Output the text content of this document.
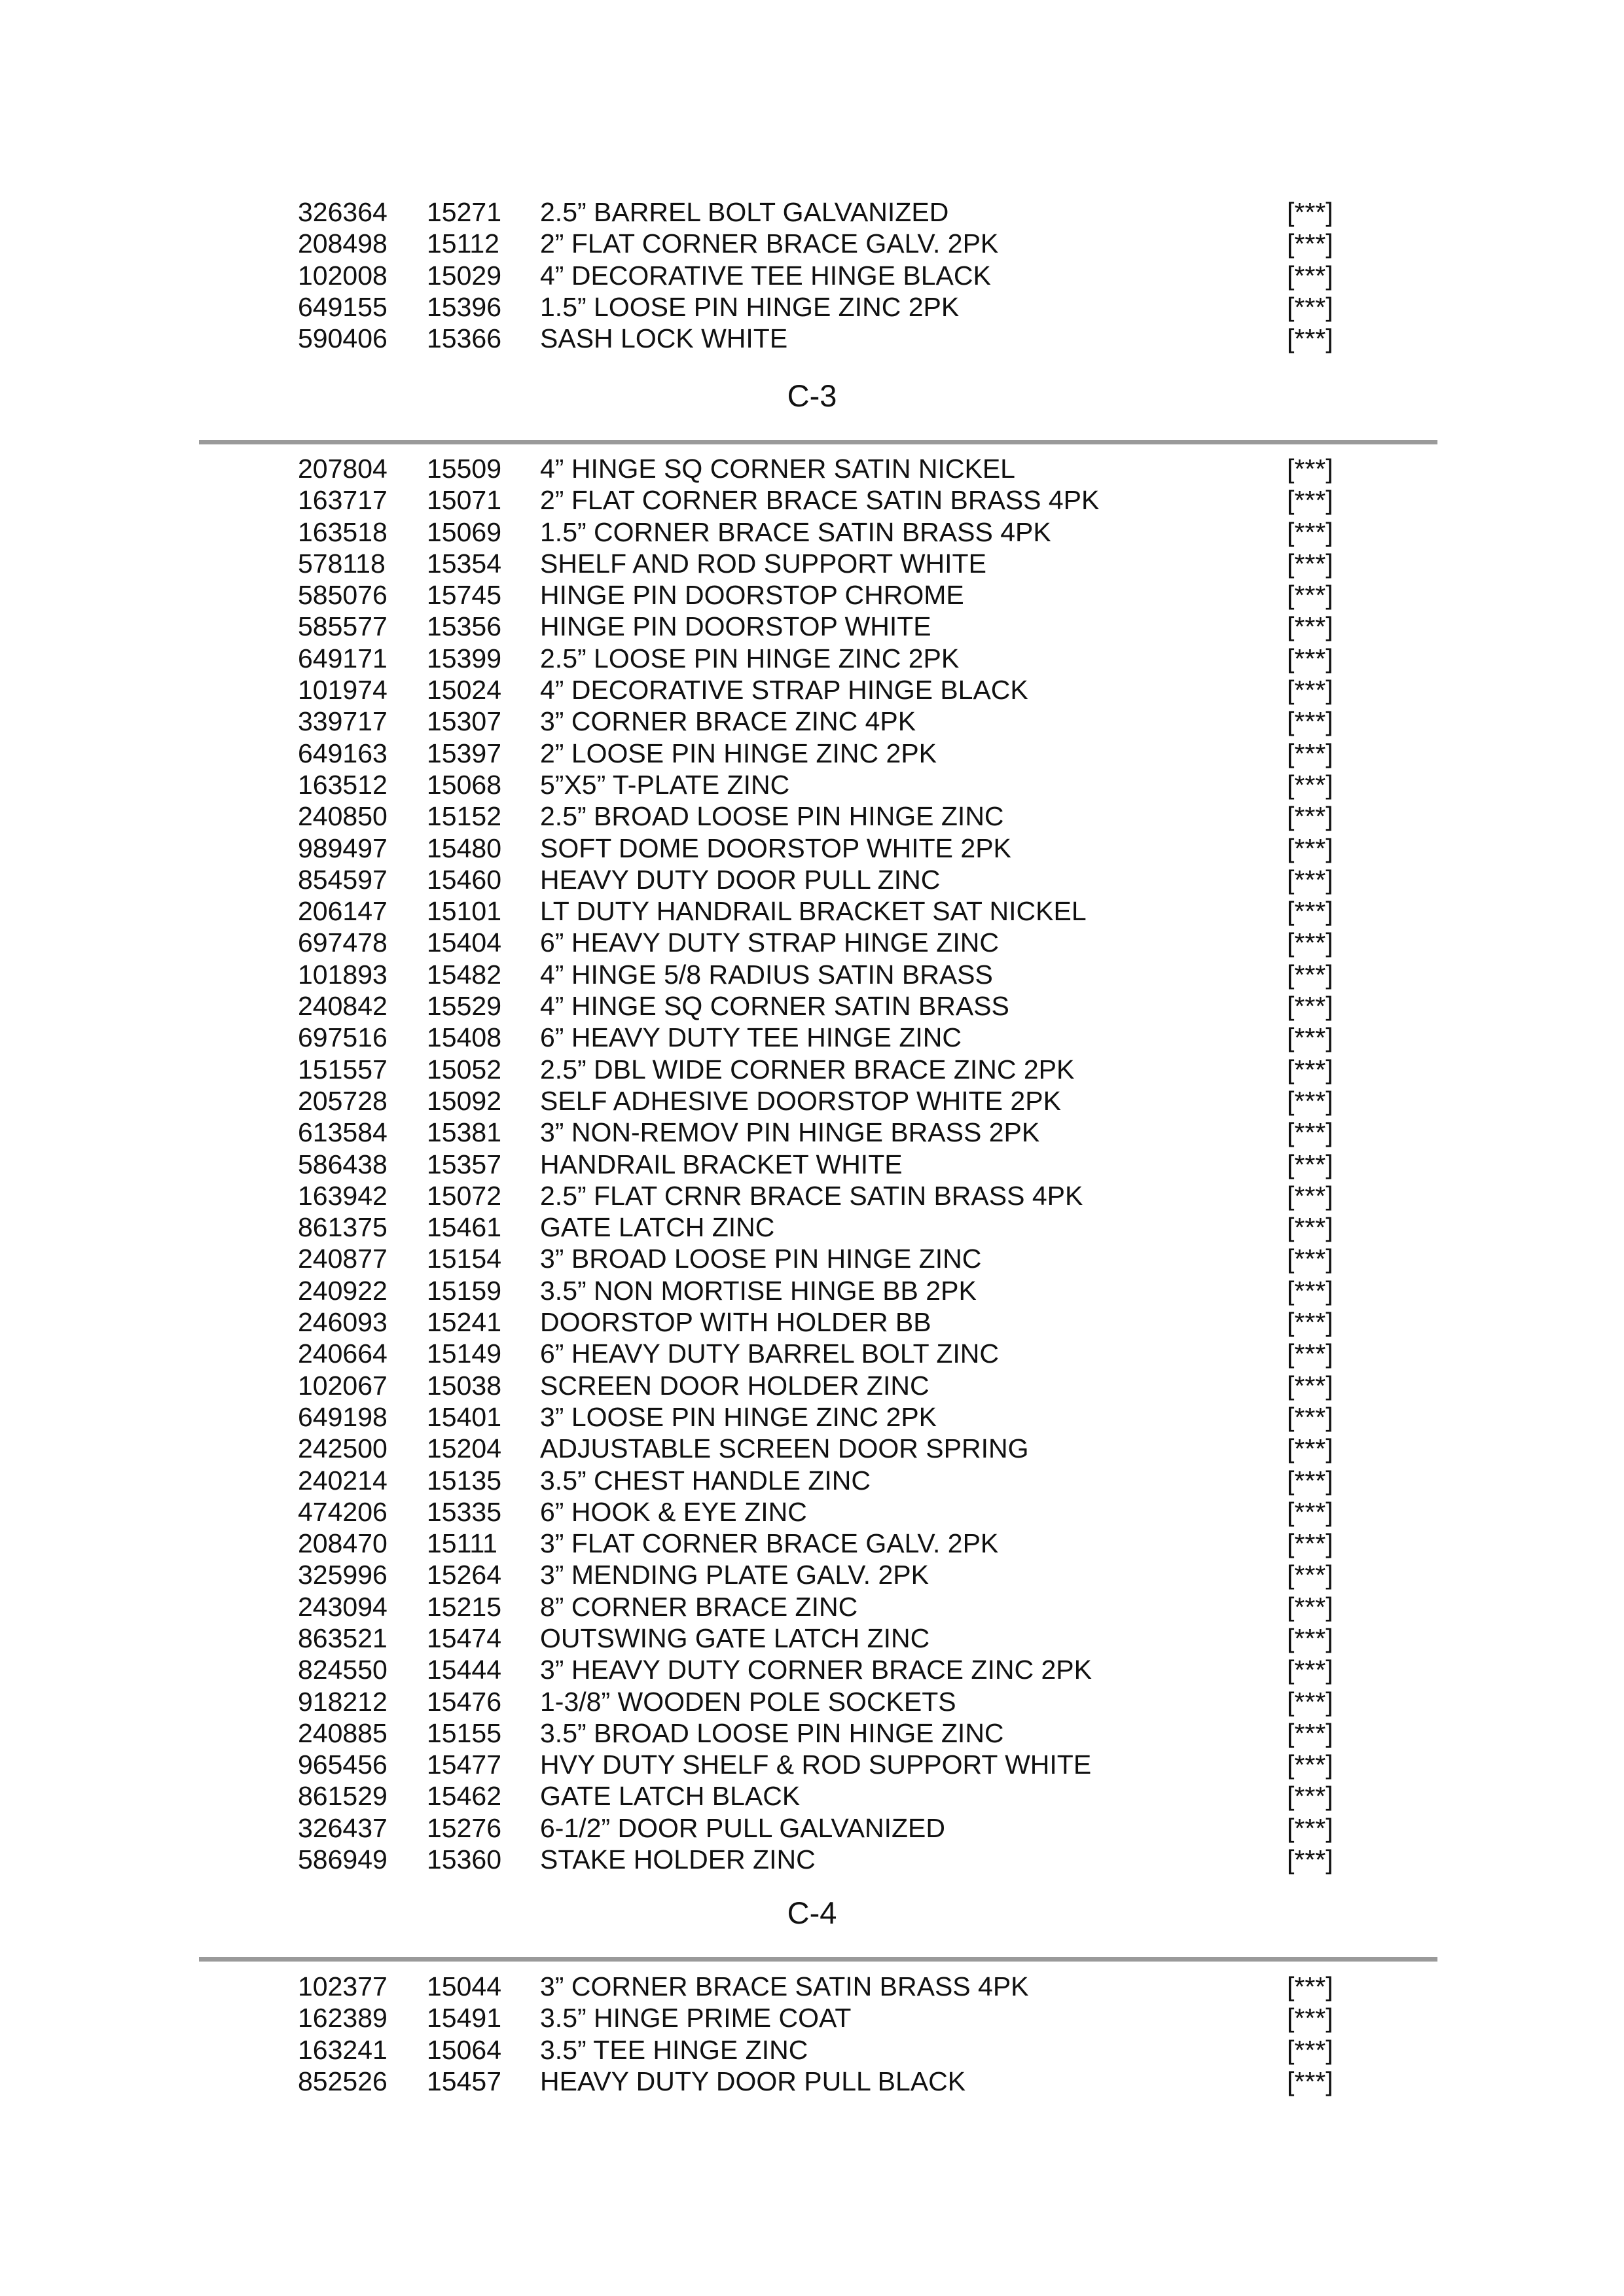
326364 15271 2.5” BARREL BOLT GALVANIZED	[***]
208498 15112 2” FLAT CORNER BRACE GALV. 2PK	[***]
102008 15029 4” DECORATIVE TEE HINGE BLACK	[***]
649155 15396 1.5” LOOSE PIN HINGE ZINC 2PK	[***]
590406 15366 SASH LOCK WHITE	[***]
C-3
207804 15509 4” HINGE SQ CORNER SATIN NICKEL	[***]
163717 15071 2” FLAT CORNER BRACE SATIN BRASS 4PK	[***]
163518 15069 1.5” CORNER BRACE SATIN BRASS 4PK	[***]
578118 15354 SHELF AND ROD SUPPORT WHITE	[***]
585076 15745 HINGE PIN DOORSTOP CHROME	[***]
585577 15356 HINGE PIN DOORSTOP WHITE	[***]
649171 15399 2.5” LOOSE PIN HINGE ZINC 2PK	[***]
101974 15024 4” DECORATIVE STRAP HINGE BLACK	[***]
339717 15307 3” CORNER BRACE ZINC 4PK	[***]
649163 15397 2” LOOSE PIN HINGE ZINC 2PK	[***]
163512 15068 5”X5” T-PLATE ZINC	[***]
240850 15152 2.5” BROAD LOOSE PIN HINGE ZINC	[***]
989497 15480 SOFT DOME DOORSTOP WHITE 2PK	[***]
854597 15460 HEAVY DUTY DOOR PULL ZINC	[***]
206147 15101 LT DUTY HANDRAIL BRACKET SAT NICKEL	[***]
697478 15404 6” HEAVY DUTY STRAP HINGE ZINC	[***]
101893 15482 4” HINGE 5/8 RADIUS SATIN BRASS	[***]
240842 15529 4” HINGE SQ CORNER SATIN BRASS	[***]
697516 15408 6” HEAVY DUTY TEE HINGE ZINC	[***]
151557 15052 2.5” DBL WIDE CORNER BRACE ZINC 2PK	[***]
205728 15092 SELF ADHESIVE DOORSTOP WHITE 2PK	[***]
613584 15381 3” NON-REMOV PIN HINGE BRASS 2PK	[***]
586438 15357 HANDRAIL BRACKET WHITE	[***]
163942 15072 2.5” FLAT CRNR BRACE SATIN BRASS 4PK	[***]
861375 15461 GATE LATCH ZINC	[***]
240877 15154 3” BROAD LOOSE PIN HINGE ZINC	[***]
240922 15159 3.5” NON MORTISE HINGE BB 2PK	[***]
246093 15241 DOORSTOP WITH HOLDER BB	[***]
240664 15149 6” HEAVY DUTY BARREL BOLT ZINC	[***]
102067 15038 SCREEN DOOR HOLDER ZINC	[***]
649198 15401 3” LOOSE PIN HINGE ZINC 2PK	[***]
242500 15204 ADJUSTABLE SCREEN DOOR SPRING	[***]
240214 15135 3.5” CHEST HANDLE ZINC	[***]
474206 15335 6” HOOK & EYE ZINC	[***]
208470 15111 3” FLAT CORNER BRACE GALV. 2PK	[***]
325996 15264 3” MENDING PLATE GALV. 2PK	[***]
243094 15215 8” CORNER BRACE ZINC	[***]
863521 15474 OUTSWING GATE LATCH ZINC	[***]
824550 15444 3” HEAVY DUTY CORNER BRACE ZINC 2PK	[***]
918212 15476 1-3/8” WOODEN POLE SOCKETS	[***]
240885 15155 3.5” BROAD LOOSE PIN HINGE ZINC	[***]
965456 15477 HVY DUTY SHELF & ROD SUPPORT WHITE	[***]
861529 15462 GATE LATCH BLACK	[***]
326437 15276 6-1/2” DOOR PULL GALVANIZED	[***]
586949 15360 STAKE HOLDER ZINC	[***]
C-4
102377 15044 3” CORNER BRACE SATIN BRASS 4PK	[***]
162389 15491 3.5” HINGE PRIME COAT	[***]
163241 15064 3.5” TEE HINGE ZINC	[***]
852526 15457 HEAVY DUTY DOOR PULL BLACK	[***]
